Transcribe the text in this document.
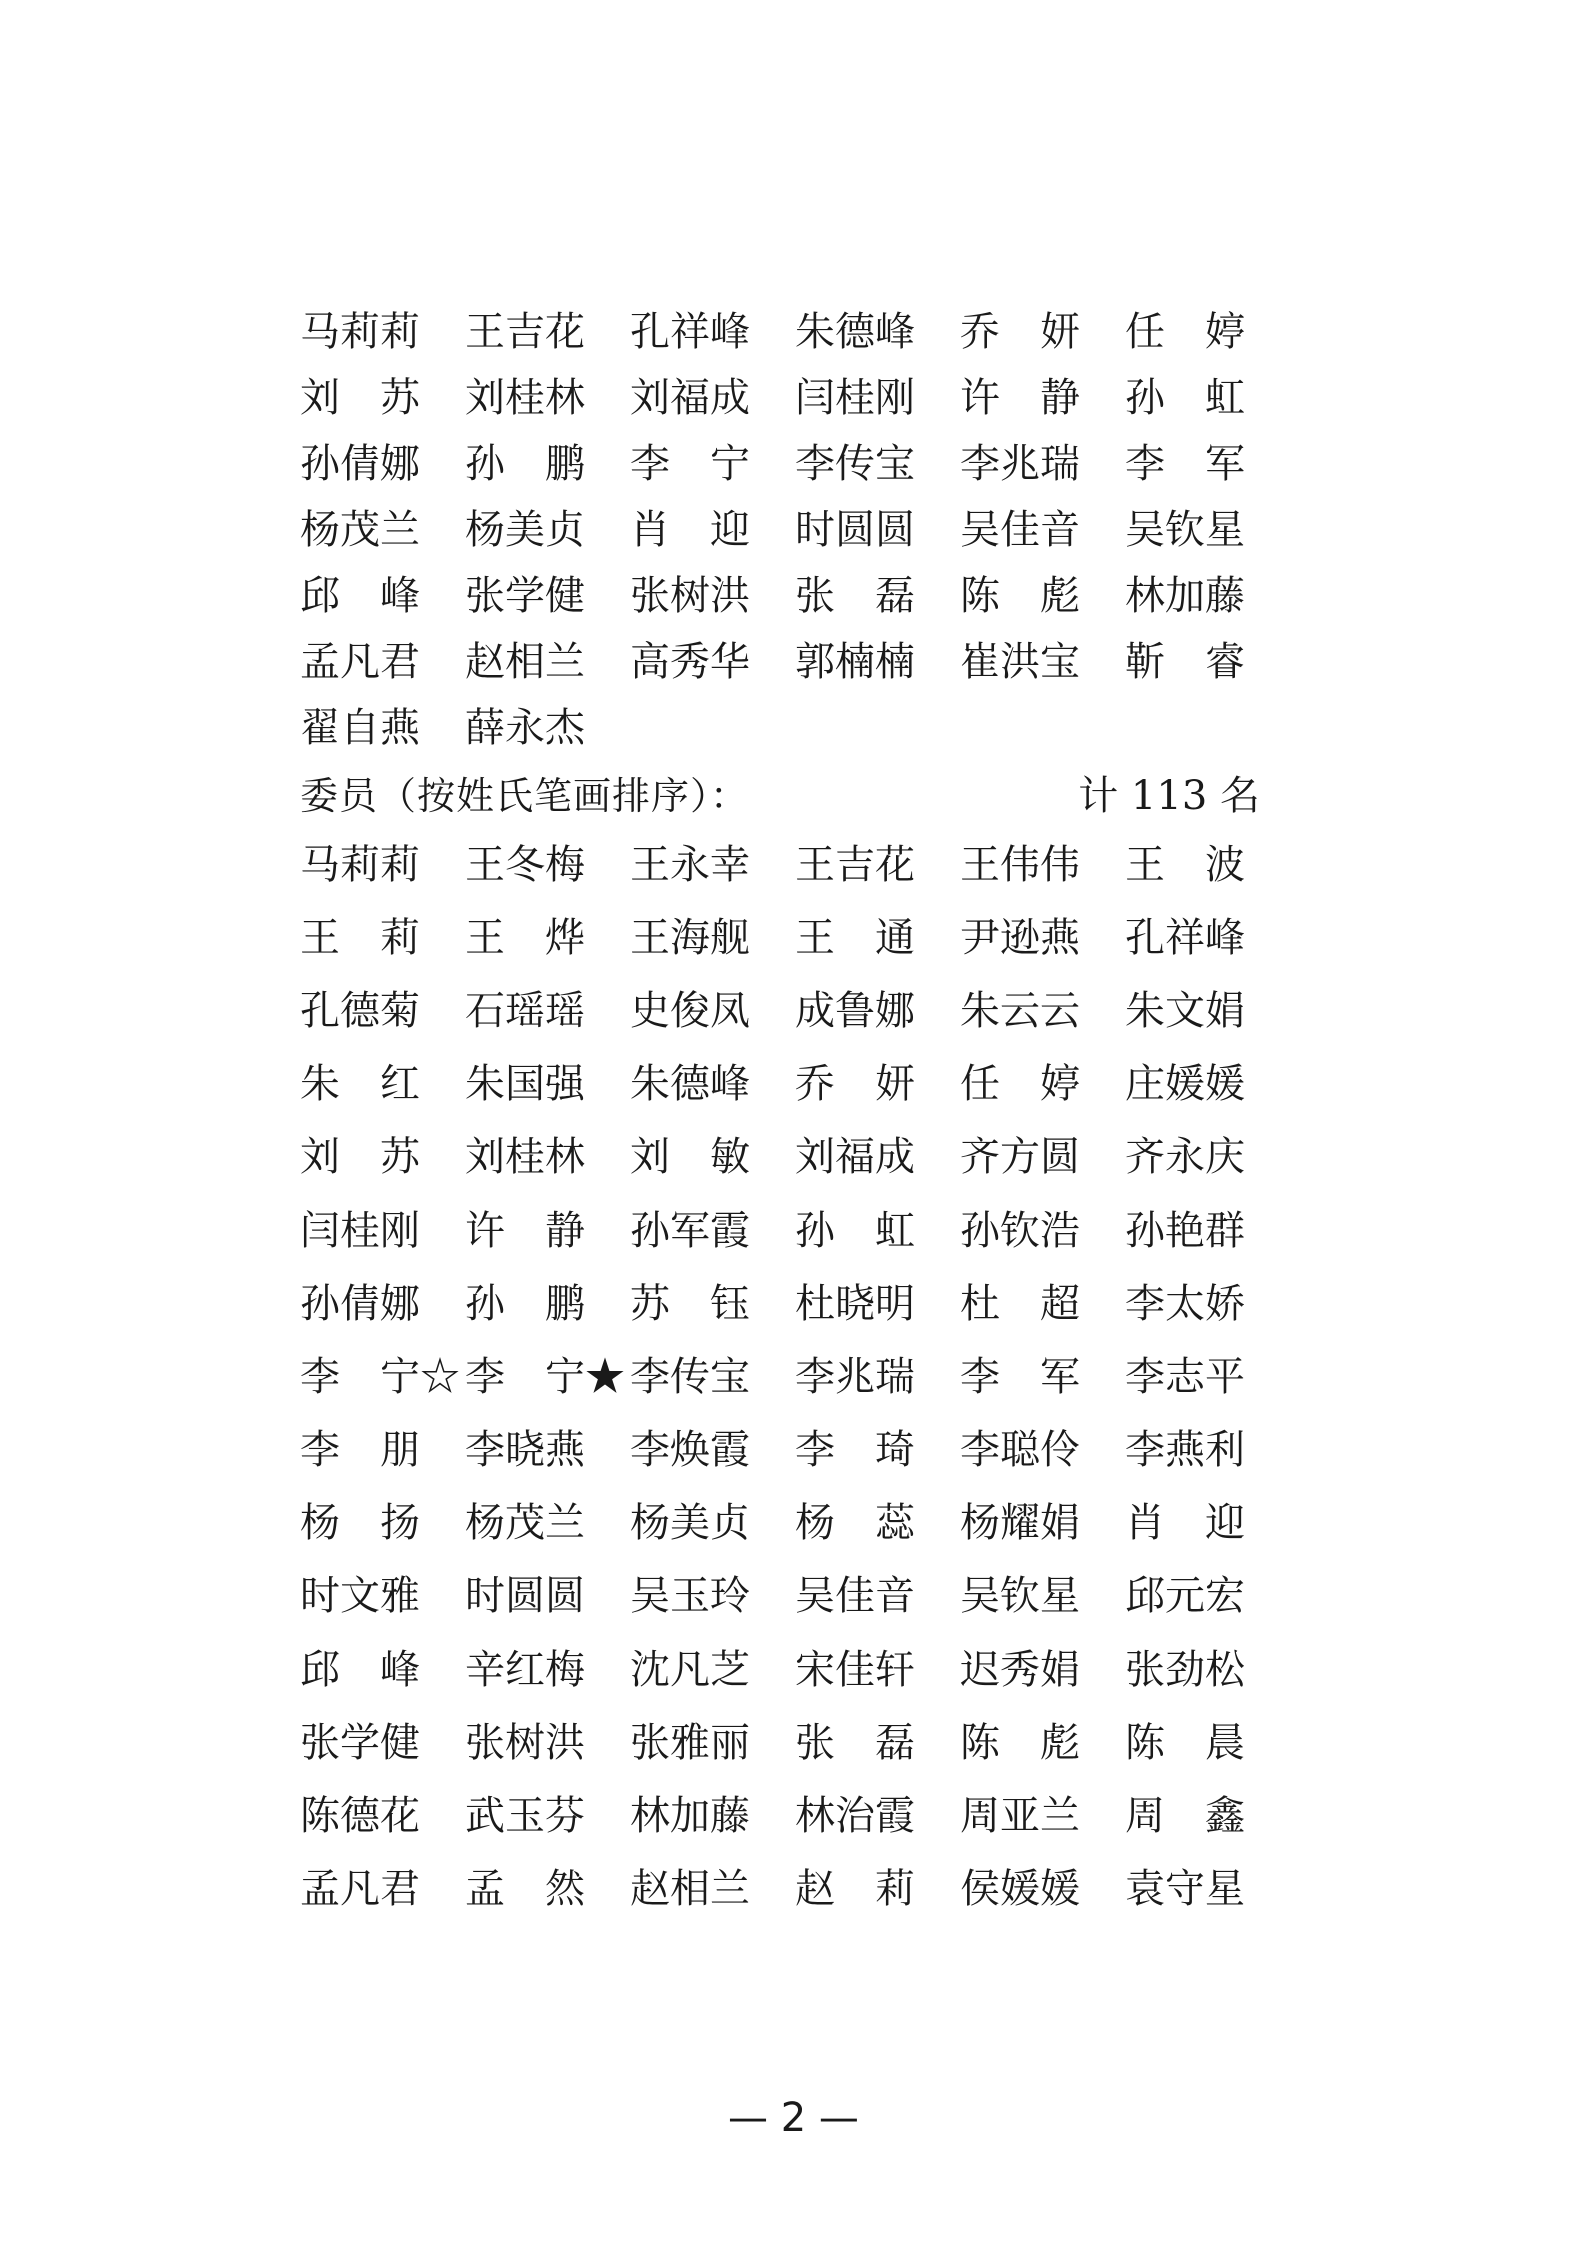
马莉莉	王吉花	孔祥峰	朱德峰	乔　妍	任　婷
刘　苏	刘桂林	刘福成	闫桂刚	许　静	孙　虹
孙倩娜	孙　鹏	李　宁	李传宝	李兆瑞	李　军
杨茂兰	杨美贞	肖　迎	时圆圆	吴佳音	吴钦星
邱　峰	张学健	张树洪	张　磊	陈　彪	林加藤
孟凡君	赵相兰	高秀华	郭楠楠	崔洪宝	靳　睿
翟自燕	薛永杰
委员（按姓氏笔画排序）：	计 113 名
马莉莉	王冬梅	王永幸	王吉花	王伟伟	王　波
王　莉	王　烨	王海舰	王　通	尹逊燕	孔祥峰
孔德菊	石瑶瑶	史俊凤	成鲁娜	朱云云	朱文娟
朱　红	朱国强	朱德峰	乔　妍	任　婷	庄媛媛
刘　苏	刘桂林	刘　敏	刘福成	齐方圆	齐永庆
闫桂刚	许　静	孙军霞	孙　虹	孙钦浩	孙艳群
孙倩娜	孙　鹏	苏　钰	杜晓明	杜　超	李太娇
李　宁☆ 李　宁★ 李传宝	李兆瑞	李　军	李志平
李　朋	李晓燕	李焕霞	李　琦	李聪伶	李燕利
杨　扬	杨茂兰	杨美贞	杨　蕊	杨耀娟	肖　迎
时文雅	时圆圆	吴玉玲	吴佳音	吴钦星	邱元宏
邱　峰	辛红梅	沈凡芝	宋佳轩	迟秀娟	张劲松
张学健	张树洪	张雅丽	张　磊	陈　彪	陈　晨
陈德花	武玉芬	林加藤	林治霞	周亚兰	周　鑫
孟凡君	孟　然	赵相兰	赵　莉	侯媛媛	袁守星
— 2 —
